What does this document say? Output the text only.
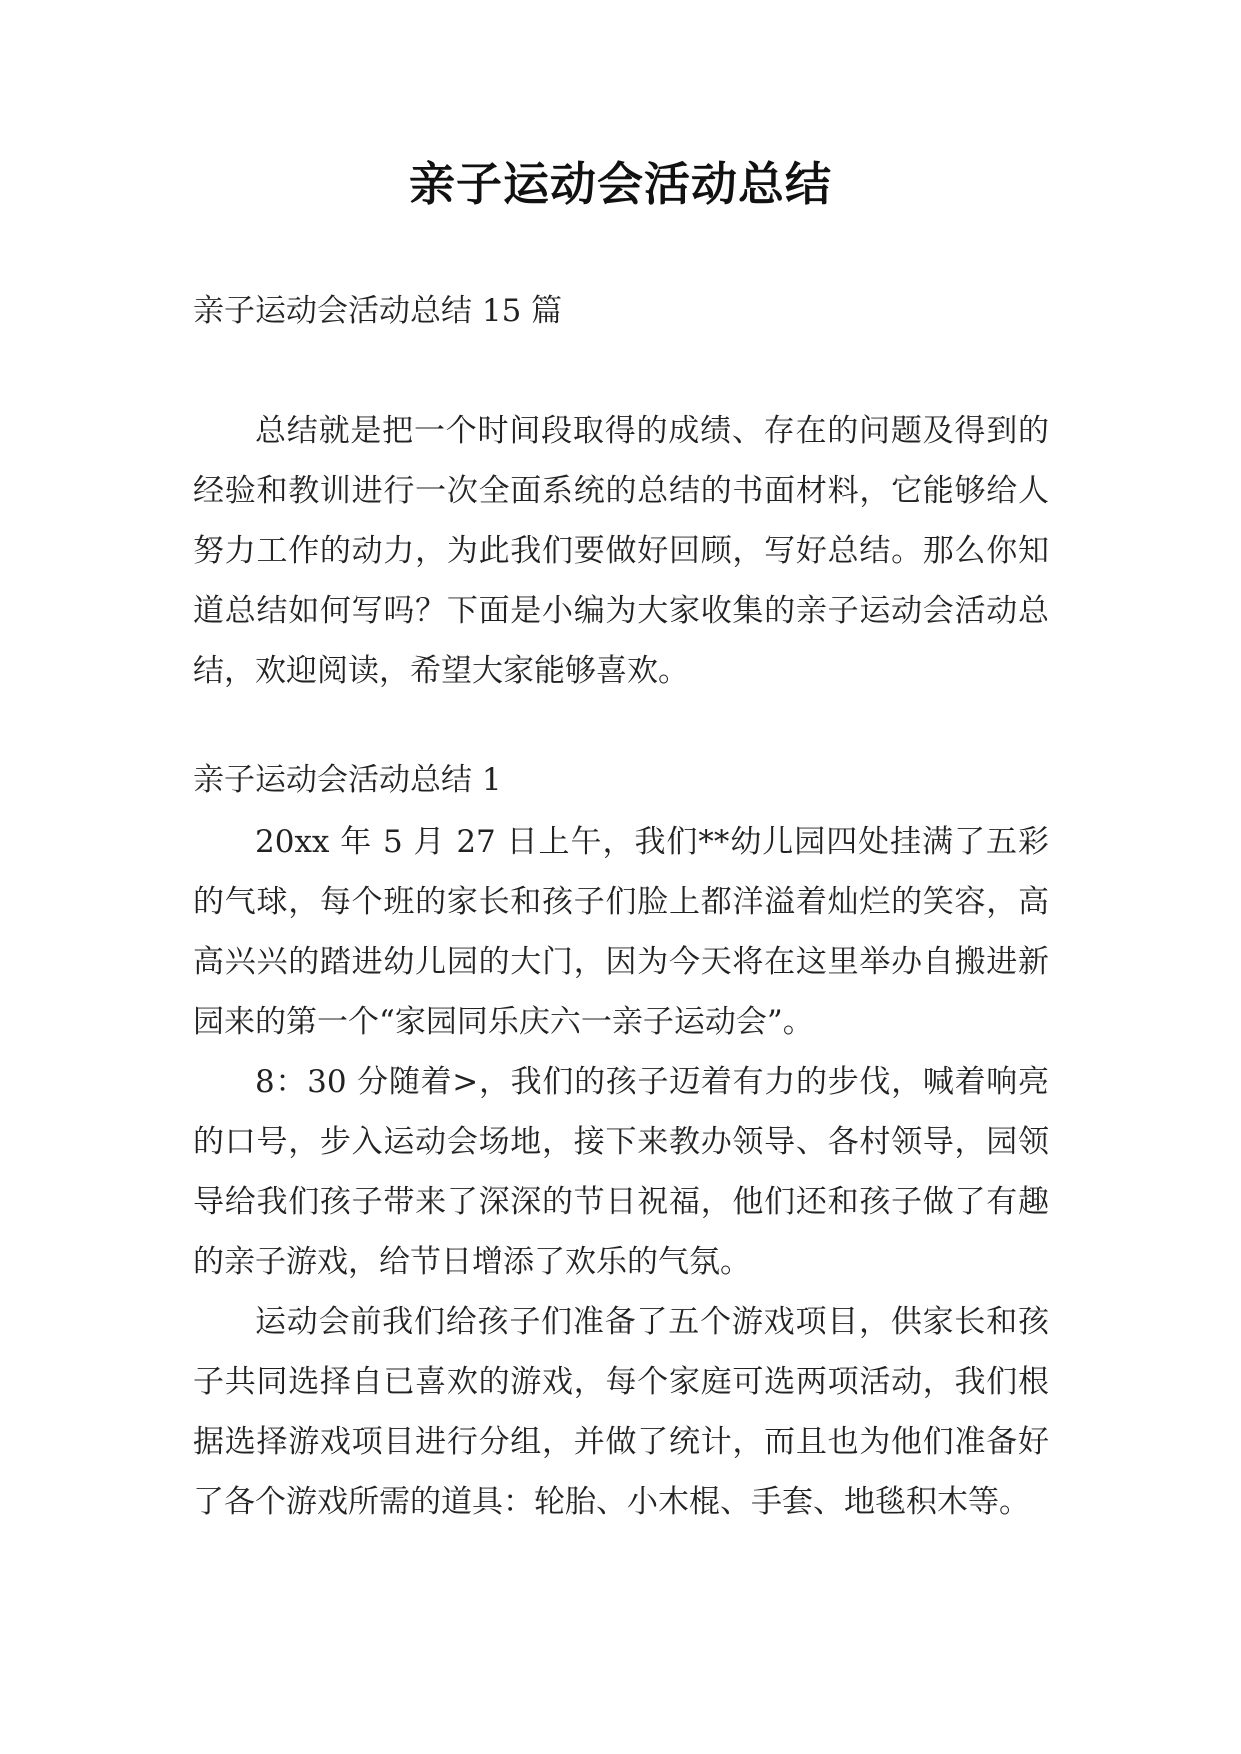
亲子运动会活动总结
亲子运动会活动总结 15 篇

总结就是把一个时间段取得的成绩、存在的问题及得到的经验和教训进行一次全面系统的总结的书面材料，它能够给人努力工作的动力，为此我们要做好回顾，写好总结。那么你知道总结如何写吗？下面是小编为大家收集的亲子运动会活动总结，欢迎阅读，希望大家能够喜欢。

亲子运动会活动总结 1

20xx 年 5 月 27 日上午，我们**幼儿园四处挂满了五彩的气球，每个班的家长和孩子们脸上都洋溢着灿烂的笑容，高高兴兴的踏进幼儿园的大门，因为今天将在这里举办自搬进新园来的第一个“家园同乐庆六一亲子运动会”。

8：30 分随着>，我们的孩子迈着有力的步伐，喊着响亮的口号，步入运动会场地，接下来教办领导、各村领导，园领导给我们孩子带来了深深的节日祝福，他们还和孩子做了有趣的亲子游戏，给节日增添了欢乐的气氛。

运动会前我们给孩子们准备了五个游戏项目，供家长和孩子共同选择自已喜欢的游戏，每个家庭可选两项活动，我们根据选择游戏项目进行分组，并做了统计，而且也为他们准备好了各个游戏所需的道具：轮胎、小木棍、手套、地毯积木等。
